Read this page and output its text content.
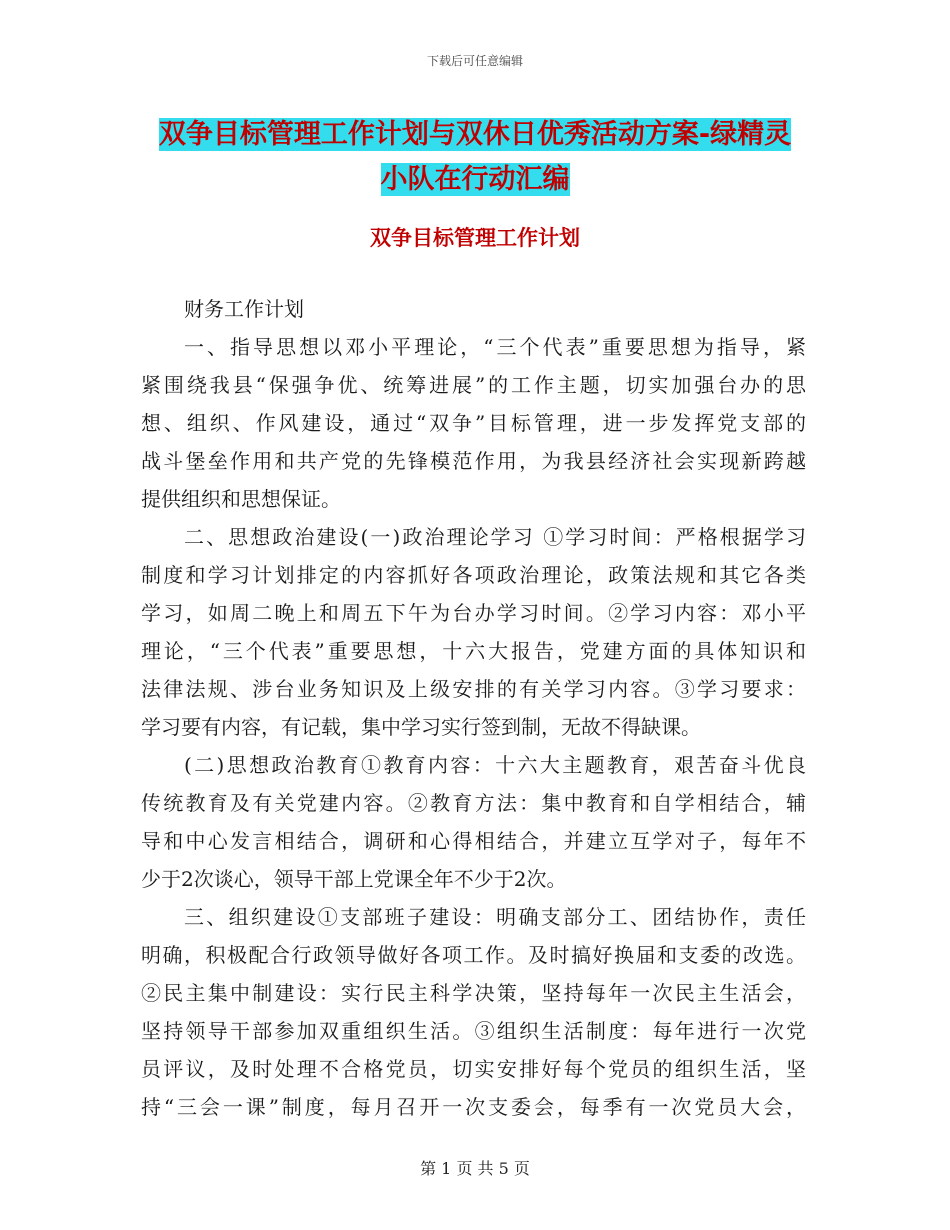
下载后可任意编辑
双争目标管理工作计划与双休日优秀活动方案-绿精灵
小队在行动汇编
双争目标管理工作计划
财务工作计划
一、指导思想以邓小平理论，“三个代表”重要思想为指导，紧
紧围绕我县“保强争优、统筹进展”的工作主题，切实加强台办的思
想、组织、作风建设，通过“双争”目标管理，进一步发挥党支部的
战斗堡垒作用和共产党的先锋模范作用，为我县经济社会实现新跨越
提供组织和思想保证。
二、思想政治建设(一)政治理论学习 ①学习时间：严格根据学习
制度和学习计划排定的内容抓好各项政治理论，政策法规和其它各类
学习，如周二晚上和周五下午为台办学习时间。②学习内容：邓小平
理论，“三个代表”重要思想，十六大报告，党建方面的具体知识和
法律法规、涉台业务知识及上级安排的有关学习内容。③学习要求：
学习要有内容，有记载，集中学习实行签到制，无故不得缺课。
(二)思想政治教育①教育内容：十六大主题教育，艰苦奋斗优良
传统教育及有关党建内容。②教育方法：集中教育和自学相结合，辅
导和中心发言相结合，调研和心得相结合，并建立互学对子，每年不
少于2次谈心，领导干部上党课全年不少于2次。
三、组织建设①支部班子建设：明确支部分工、团结协作，责任
明确，积极配合行政领导做好各项工作。及时搞好换届和支委的改选。
②民主集中制建设：实行民主科学决策，坚持每年一次民主生活会，
坚持领导干部参加双重组织生活。③组织生活制度：每年进行一次党
员评议，及时处理不合格党员，切实安排好每个党员的组织生活，坚
持“三会一课”制度，每月召开一次支委会，每季有一次党员大会，
第 1 页 共 5 页
